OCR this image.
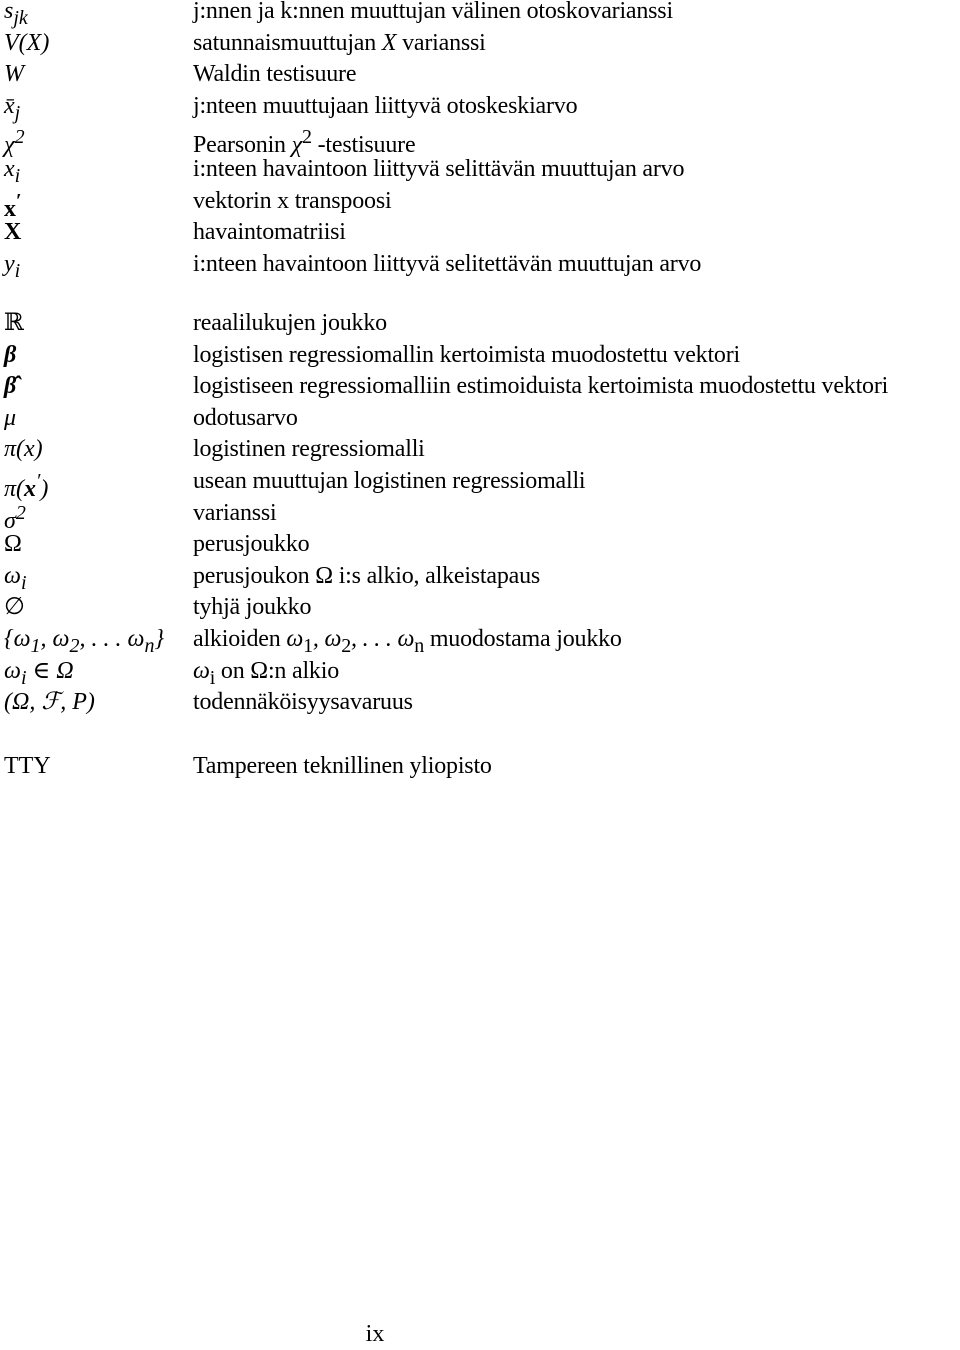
$s_{jk}$	j:nnen ja k:nnen muuttujan välinen otoskovarianssi
V(X)	satunnaismuuttujan X varianssi
W	Waldin testisuure
$x̄_j$	j:nteen muuttujaan liittyvä otoskeskiarvo
$\chi^2$	Pearsonin $\chi^2$ -testisuure
$x_i$	i:nteen havaintoon liittyvä selittävän muuttujan arvo
x′	vektorin x transpoosi
X	havaintomatriisi
$y_i$	i:nteen havaintoon liittyvä selitettävän muuttujan arvo
ℝ	reaalilukujen joukko
β	logistisen regressiomallin kertoimista muodostettu vektori
β̂	logistiseen regressiomalliin estimoiduista kertoimista muodostettu vektori
μ	odotusarvo
π(x)	logistinen regressiomalli
π(x′)	usean muuttujan logistinen regressiomalli
$\sigma^2$	varianssi
Ω	perusjoukko
$\omega_i$	perusjoukon Ω i:s alkio, alkeistapaus
∅	tyhjä joukko
{$\omega_1$, $\omega_2$, . . . $\omega_n$} alkioiden $\omega_1$, $\omega_2$, . . . $\omega_n$ muodostama joukko
$\omega_i$ ∈ Ω	$\omega_i$ on Ω:n alkio
(Ω, ℱ, P)	todennäköisyysavaruus
TTY	Tampereen teknillinen yliopisto
ix
